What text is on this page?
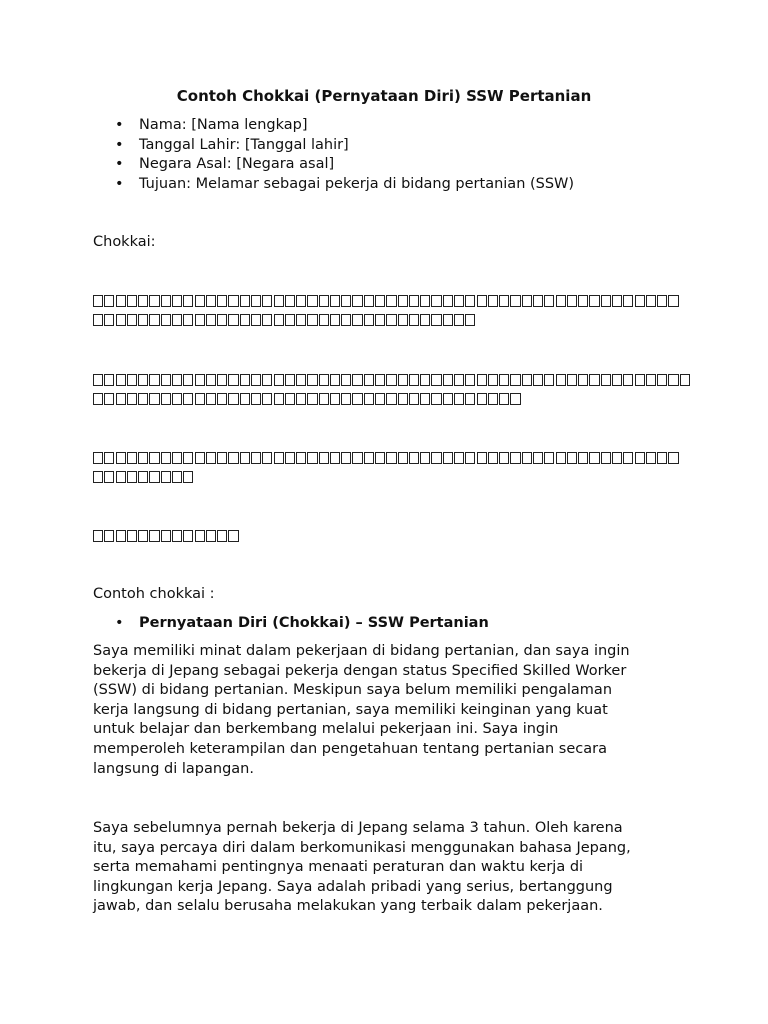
Contoh Chokkai (Pernyataan Diri) SSW Pertanian
• Nama: [Nama lengkap]
• Tanggal Lahir: [Tanggal lahir]
• Negara Asal: [Negara asal]
• Tujuan: Melamar sebagai pekerja di bidang pertanian (SSW)
Chokkai:
Contoh chokkai :
• Pernyataan Diri (Chokkai) – SSW Pertanian
Saya memiliki minat dalam pekerjaan di bidang pertanian, dan saya ingin
bekerja di Jepang sebagai pekerja dengan status Specified Skilled Worker
(SSW) di bidang pertanian. Meskipun saya belum memiliki pengalaman
kerja langsung di bidang pertanian, saya memiliki keinginan yang kuat
untuk belajar dan berkembang melalui pekerjaan ini. Saya ingin
memperoleh keterampilan dan pengetahuan tentang pertanian secara
langsung di lapangan.
Saya sebelumnya pernah bekerja di Jepang selama 3 tahun. Oleh karena
itu, saya percaya diri dalam berkomunikasi menggunakan bahasa Jepang,
serta memahami pentingnya menaati peraturan dan waktu kerja di
lingkungan kerja Jepang. Saya adalah pribadi yang serius, bertanggung
jawab, dan selalu berusaha melakukan yang terbaik dalam pekerjaan.
